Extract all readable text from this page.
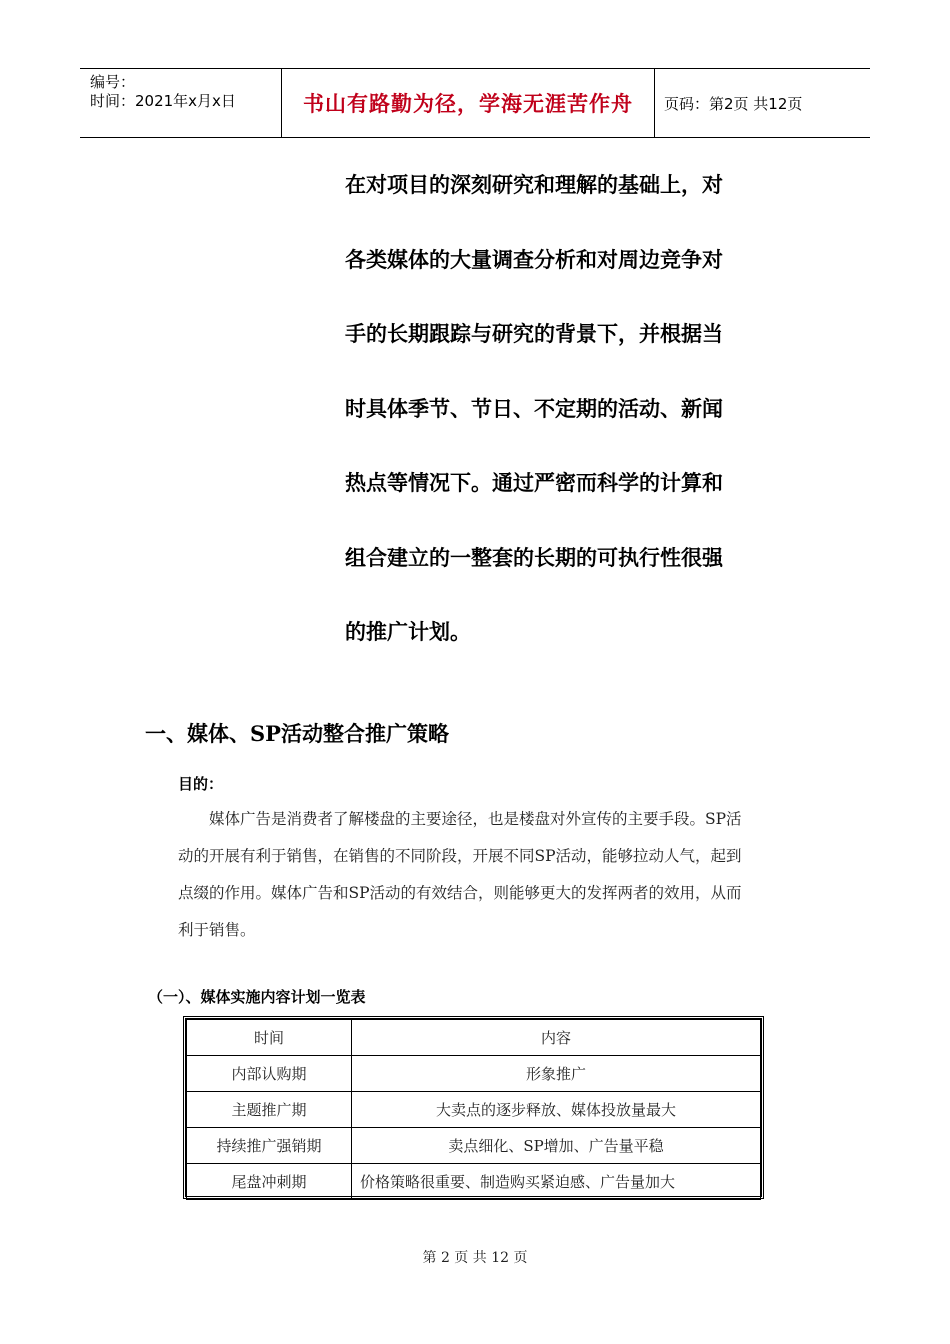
编号：
时间：2021年x月x日	书山有路勤为径，学海无涯苦作舟 页码：第2页 共12页
在对项目的深刻研究和理解的基础上，对
各类媒体的大量调查分析和对周边竞争对
手的长期跟踪与研究的背景下，并根据当
时具体季节、节日、不定期的活动、新闻
热点等情况下。通过严密而科学的计算和
组合建立的一整套的长期的可执行性很强
的推广计划。
一、媒体、SP活动整合推广策略
目的：
媒体广告是消费者了解楼盘的主要途径，也是楼盘对外宣传的主要手段。SP活
动的开展有利于销售，在销售的不同阶段，开展不同SP活动，能够拉动人气，起到
点缀的作用。媒体广告和SP活动的有效结合，则能够更大的发挥两者的效用，从而
利于销售。
（一）、媒体实施内容计划一览表
时间	内容
内部认购期	形象推广
主题推广期	大卖点的逐步释放、媒体投放量最大
持续推广强销期	卖点细化、SP增加、广告量平稳
尾盘冲刺期	价格策略很重要、制造购买紧迫感、广告量加大
第 2 页 共 12 页
